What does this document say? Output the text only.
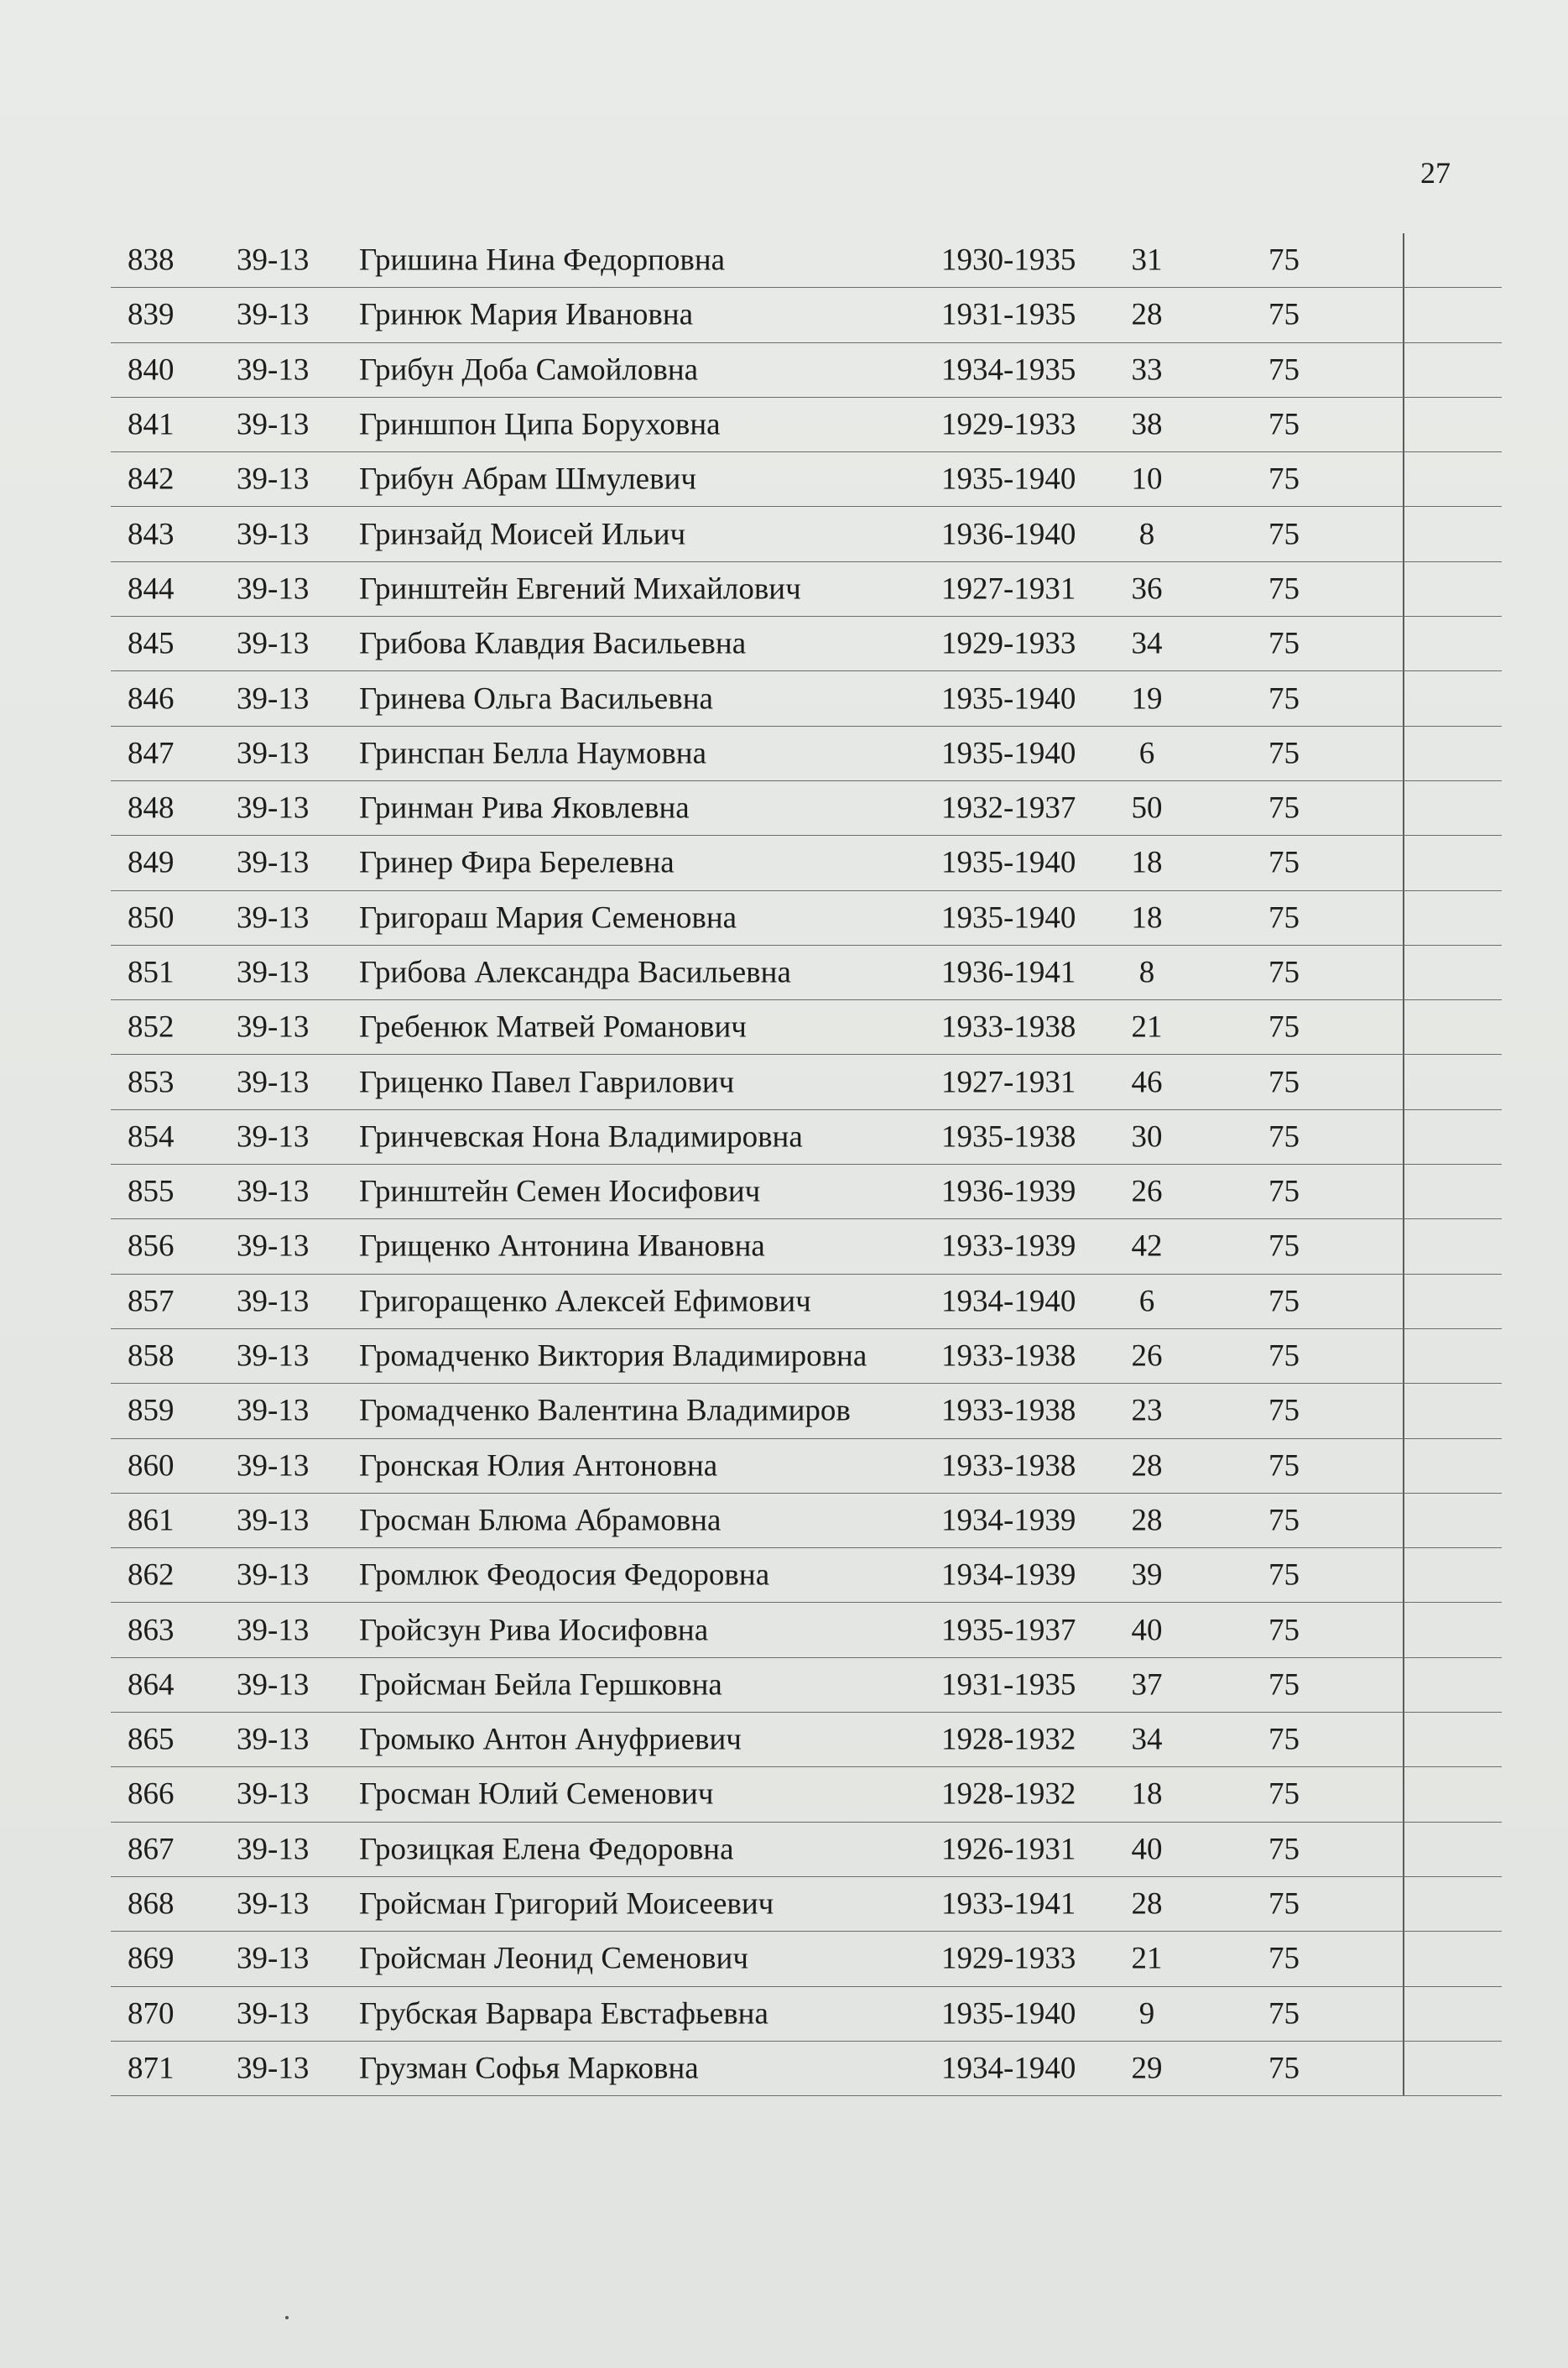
27
838 39-13 Гришина Нина Федорповна	1930-1935	31	75
839 39-13 Гринюк Мария Ивановна	1931-1935	28	75
840 39-13 Грибун Доба Самойловна	1934-1935	33	75
841 39-13 Гриншпон Ципа Боруховна	1929-1933	38	75
842 39-13 Грибун Абрам Шмулевич	1935-1940	10	75
843 39-13 Гринзайд Моисей Ильич	1936-1940	8	75
844 39-13 Гринштейн Евгений Михайлович	1927-1931	36	75
845 39-13 Грибова Клавдия Васильевна	1929-1933	34	75
846 39-13 Гринева Ольга Васильевна	1935-1940	19	75
847 39-13 Гринспан Белла Наумовна	1935-1940	6	75
848 39-13 Гринман Рива Яковлевна	1932-1937	50	75
849 39-13 Гринер Фира Берелевна	1935-1940	18	75
850 39-13 Григораш Мария Семеновна	1935-1940	18	75
851 39-13 Грибова Александра Васильевна	1936-1941	8	75
852 39-13 Гребенюк Матвей Романович	1933-1938	21	75
853 39-13 Гриценко Павел Гаврилович	1927-1931	46	75
854 39-13 Гринчевская Нона Владимировна	1935-1938	30	75
855 39-13 Гринштейн Семен Иосифович	1936-1939	26	75
856 39-13 Грищенко Антонина Ивановна	1933-1939	42	75
857 39-13 Григоращенко Алексей Ефимович	1934-1940	6	75
858 39-13 Громадченко Виктория Владимировна 1933-1938	26	75
859 39-13 Громадченко Валентина Владимиров	1933-1938	23	75
860 39-13 Гронская Юлия Антоновна	1933-1938	28	75
861 39-13 Гросман Блюма Абрамовна	1934-1939	28	75
862 39-13 Громлюк Феодосия Федоровна	1934-1939	39	75
863 39-13 Гройсзун Рива Иосифовна	1935-1937	40	75
864 39-13 Гройсман Бейла Гершковна	1931-1935	37	75
865 39-13 Громыко Антон Ануфриевич	1928-1932	34	75
866 39-13 Гросман Юлий Семенович	1928-1932	18	75
867 39-13 Грозицкая Елена Федоровна	1926-1931	40	75
868 39-13 Гройсман Григорий Моисеевич	1933-1941	28	75
869 39-13 Гройсман Леонид Семенович	1929-1933	21	75
870 39-13 Грубская Варвара Евстафьевна	1935-1940	9	75
871 39-13 Грузман Софья Марковна	1934-1940	29	75
